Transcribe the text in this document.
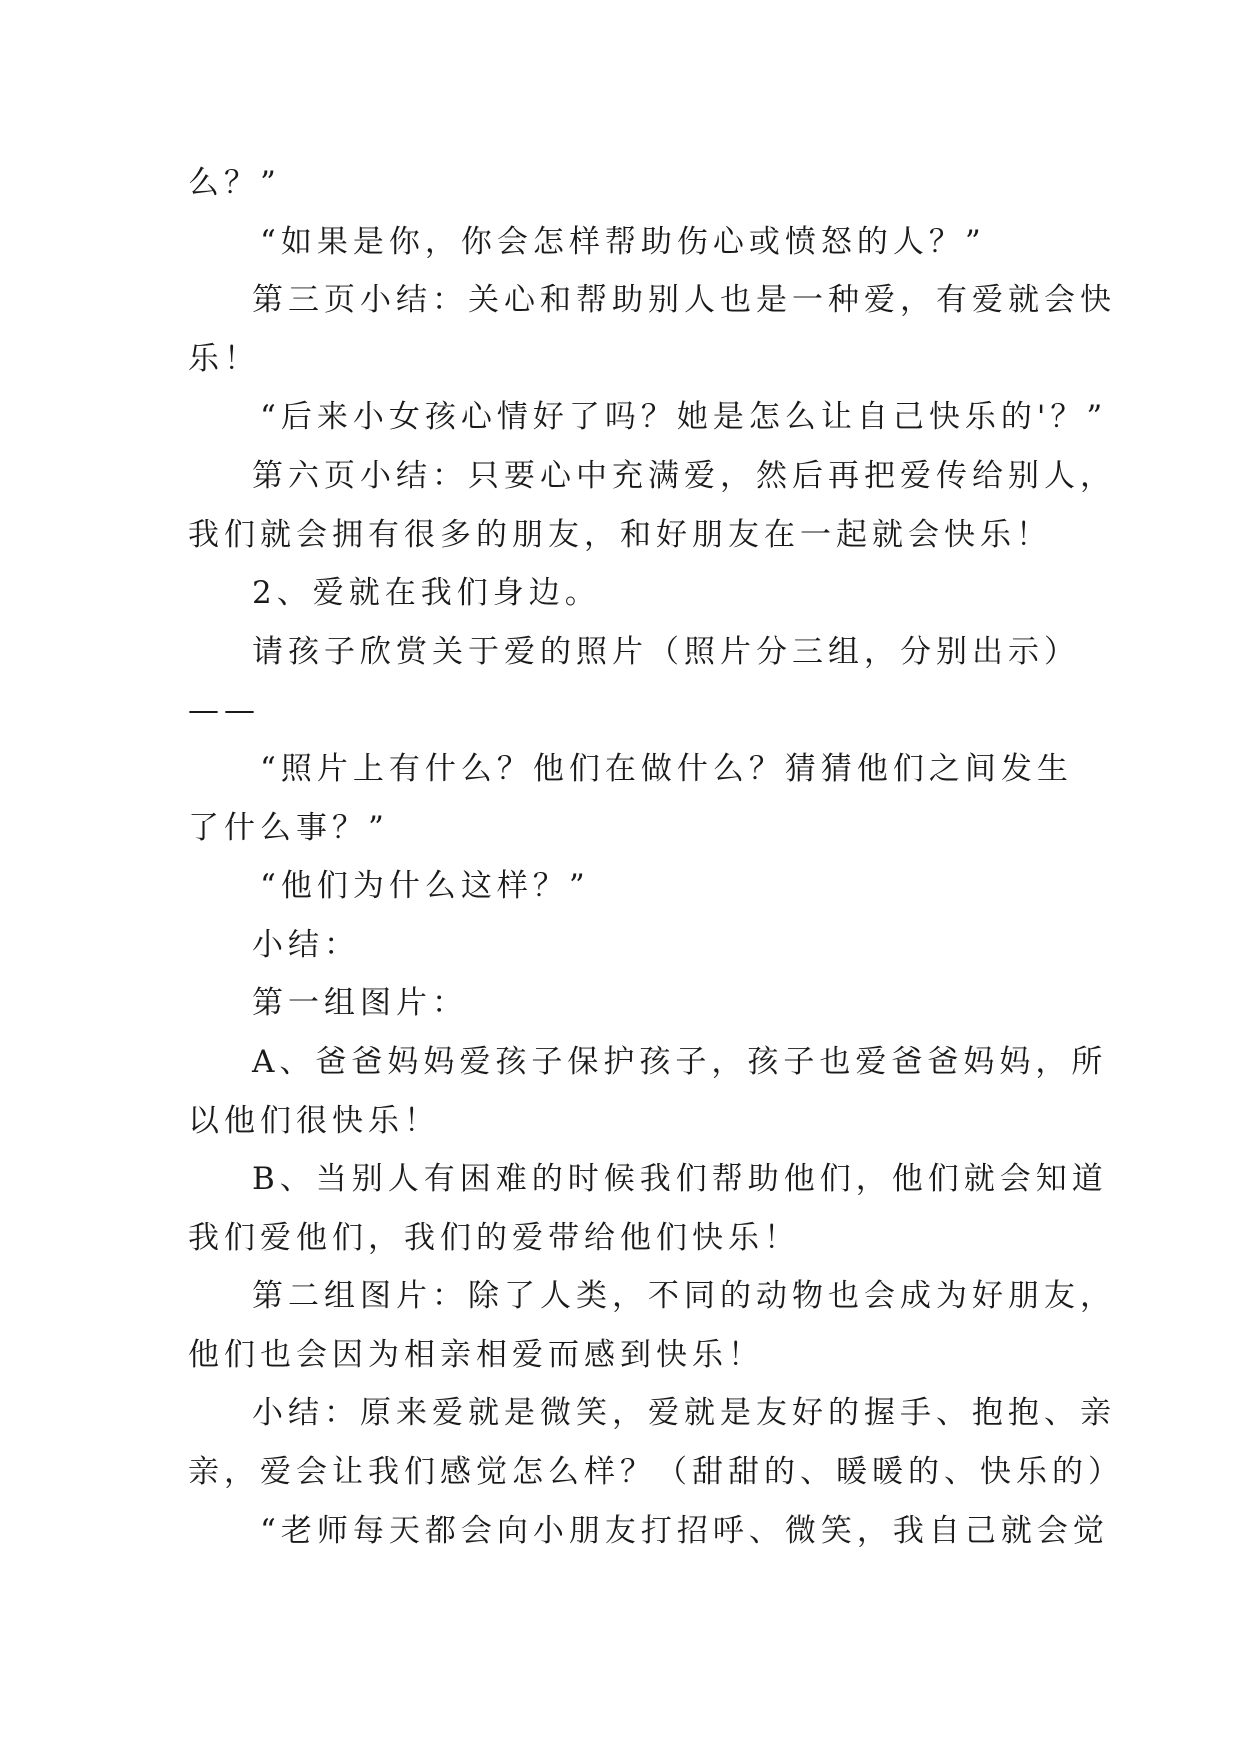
么？”
“如果是你，你会怎样帮助伤心或愤怒的人？”
第三页小结：关心和帮助别人也是一种爱，有爱就会快
乐！
“后来小女孩心情好了吗？她是怎么让自己快乐的'？”
第六页小结：只要心中充满爱，然后再把爱传给别人，
我们就会拥有很多的朋友，和好朋友在一起就会快乐！
2、爱就在我们身边。
请孩子欣赏关于爱的照片（照片分三组，分别出示）
——
“照片上有什么？他们在做什么？猜猜他们之间发生
了什么事？”
“他们为什么这样？”
小结：
第一组图片：
A、爸爸妈妈爱孩子保护孩子，孩子也爱爸爸妈妈，所
以他们很快乐！
B、当别人有困难的时候我们帮助他们，他们就会知道
我们爱他们，我们的爱带给他们快乐！
第二组图片：除了人类，不同的动物也会成为好朋友，
他们也会因为相亲相爱而感到快乐！
小结：原来爱就是微笑，爱就是友好的握手、抱抱、亲
亲，爱会让我们感觉怎么样？（甜甜的、暖暖的、快乐的）
“老师每天都会向小朋友打招呼、微笑，我自己就会觉
